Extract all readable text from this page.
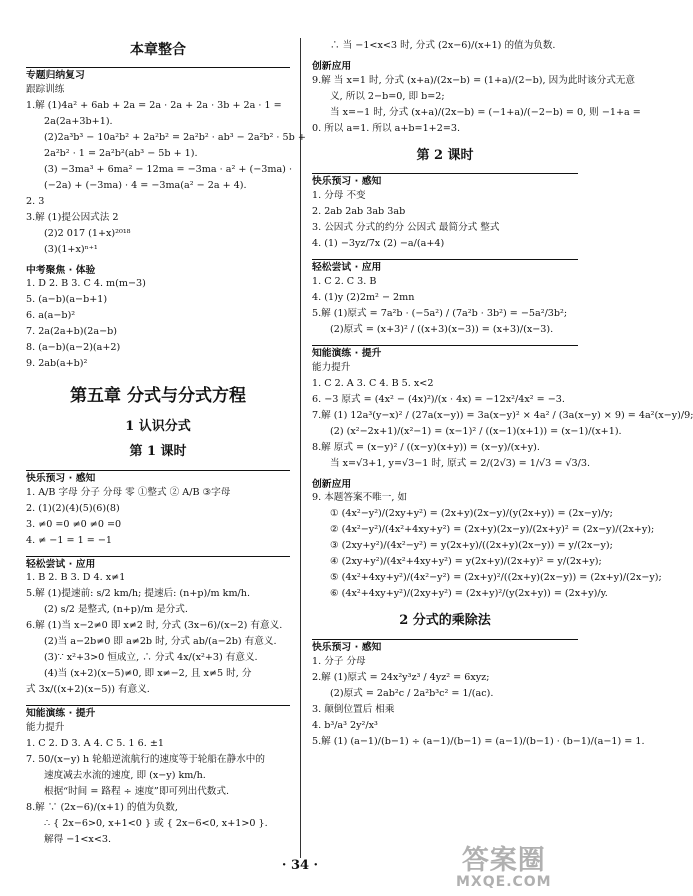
本章整合
专题归纳复习
跟踪训练
1.解 (1)4a² + 6ab + 2a = 2a · 2a + 2a · 3b + 2a · 1 =
2a(2a+3b+1).
(2)2a³b³ − 10a²b² + 2a²b² = 2a²b² · ab³ − 2a²b² · 5b +
2a²b² · 1 = 2a²b²(ab³ − 5b + 1).
(3) −3ma³ + 6ma² − 12ma = −3ma · a² + (−3ma) ·
(−2a) + (−3ma) · 4 = −3ma(a² − 2a + 4).
2. 3
3.解 (1)提公因式法 2
(2)2 017 (1+x)²⁰¹⁸
(3)(1+x)ⁿ⁺¹
中考聚焦 · 体验
1. D 2. B 3. C 4. m(m−3)
5. (a−b)(a−b+1)
6. a(a−b)²
7. 2a(2a+b)(2a−b)
8. (a−b)(a−2)(a+2)
9. 2ab(a+b)²
第五章 分式与分式方程
1 认识分式
第 1 课时
快乐预习 · 感知
1. A/B 字母 分子 分母 零 ①整式 ② A/B ③字母
2. (1)(2)(4)(5)(6)(8)
3. ≠0 =0 ≠0 ≠0 =0
4. ≠ −1 = 1 = −1
轻松尝试 · 应用
1. B 2. B 3. D 4. x≠1
5.解 (1)提速前: s/2 km/h; 提速后: (n+p)/m km/h.
(2) s/2 是整式, (n+p)/m 是分式.
6.解 (1)当 x−2≠0 即 x≠2 时, 分式 (3x−6)/(x−2) 有意义.
(2)当 a−2b≠0 即 a≠2b 时, 分式 ab/(a−2b) 有意义.
(3)∵ x²+3>0 恒成立, ∴ 分式 4x/(x²+3) 有意义.
(4)当 (x+2)(x−5)≠0, 即 x≠−2, 且 x≠5 时, 分
式 3x/((x+2)(x−5)) 有意义.
知能演练 · 提升
能力提升
1. C 2. D 3. A 4. C 5. 1 6. ±1
7. 50/(x−y) h 轮船逆流航行的速度等于轮船在静水中的
速度减去水流的速度, 即 (x−y) km/h.
根据“时间 = 路程 ÷ 速度”即可列出代数式.
8.解 ∵ (2x−6)/(x+1) 的值为负数,
∴ { 2x−6>0, x+1<0 } 或 { 2x−6<0, x+1>0 }.
解得 −1<x<3.
∴ 当 −1<x<3 时, 分式 (2x−6)/(x+1) 的值为负数.
创新应用
9.解 当 x=1 时, 分式 (x+a)/(2x−b) = (1+a)/(2−b), 因为此时该分式无意
义, 所以 2−b=0, 即 b=2;
当 x=−1 时, 分式 (x+a)/(2x−b) = (−1+a)/(−2−b) = 0, 则 −1+a =
0. 所以 a=1. 所以 a+b=1+2=3.
第 2 课时
快乐预习 · 感知
1. 分母 不变
2. 2ab 2ab 3ab 3ab
3. 公因式 分式的约分 公因式 最简分式 整式
4. (1) −3yz/7x (2) −a/(a+4)
轻松尝试 · 应用
1. C 2. C 3. B
4. (1)y (2)2m² − 2mn
5.解 (1)原式 = 7a²b · (−5a²) / (7a²b · 3b²) = −5a²/3b²;
(2)原式 = (x+3)² / ((x+3)(x−3)) = (x+3)/(x−3).
知能演练 · 提升
能力提升
1. C 2. A 3. C 4. B 5. x<2
6. −3 原式 = (4x² − (4x)²)/(x · 4x) = −12x²/4x² = −3.
7.解 (1) 12a³(y−x)² / (27a(x−y)) = 3a(x−y)² × 4a² / (3a(x−y) × 9) = 4a²(x−y)/9;
(2) (x²−2x+1)/(x²−1) = (x−1)² / ((x−1)(x+1)) = (x−1)/(x+1).
8.解 原式 = (x−y)² / ((x−y)(x+y)) = (x−y)/(x+y).
当 x=√3+1, y=√3−1 时, 原式 = 2/(2√3) = 1/√3 = √3/3.
创新应用
9. 本题答案不唯一, 如
① (4x²−y²)/(2xy+y²) = (2x+y)(2x−y)/(y(2x+y)) = (2x−y)/y;
② (4x²−y²)/(4x²+4xy+y²) = (2x+y)(2x−y)/(2x+y)² = (2x−y)/(2x+y);
③ (2xy+y²)/(4x²−y²) = y(2x+y)/((2x+y)(2x−y)) = y/(2x−y);
④ (2xy+y²)/(4x²+4xy+y²) = y(2x+y)/(2x+y)² = y/(2x+y);
⑤ (4x²+4xy+y²)/(4x²−y²) = (2x+y)²/((2x+y)(2x−y)) = (2x+y)/(2x−y);
⑥ (4x²+4xy+y²)/(2xy+y²) = (2x+y)²/(y(2x+y)) = (2x+y)/y.
2 分式的乘除法
快乐预习 · 感知
1. 分子 分母
2.解 (1)原式 = 24x²y³z³ / 4yz² = 6xyz;
(2)原式 = 2ab²c / 2a²b³c² = 1/(ac).
3. 颠倒位置后 相乘
4. b³/a³ 2y²/x³
5.解 (1) (a−1)/(b−1) ÷ (a−1)/(b−1) = (a−1)/(b−1) · (b−1)/(a−1) = 1.
· 34 ·	答案圈
MXQE.COM
